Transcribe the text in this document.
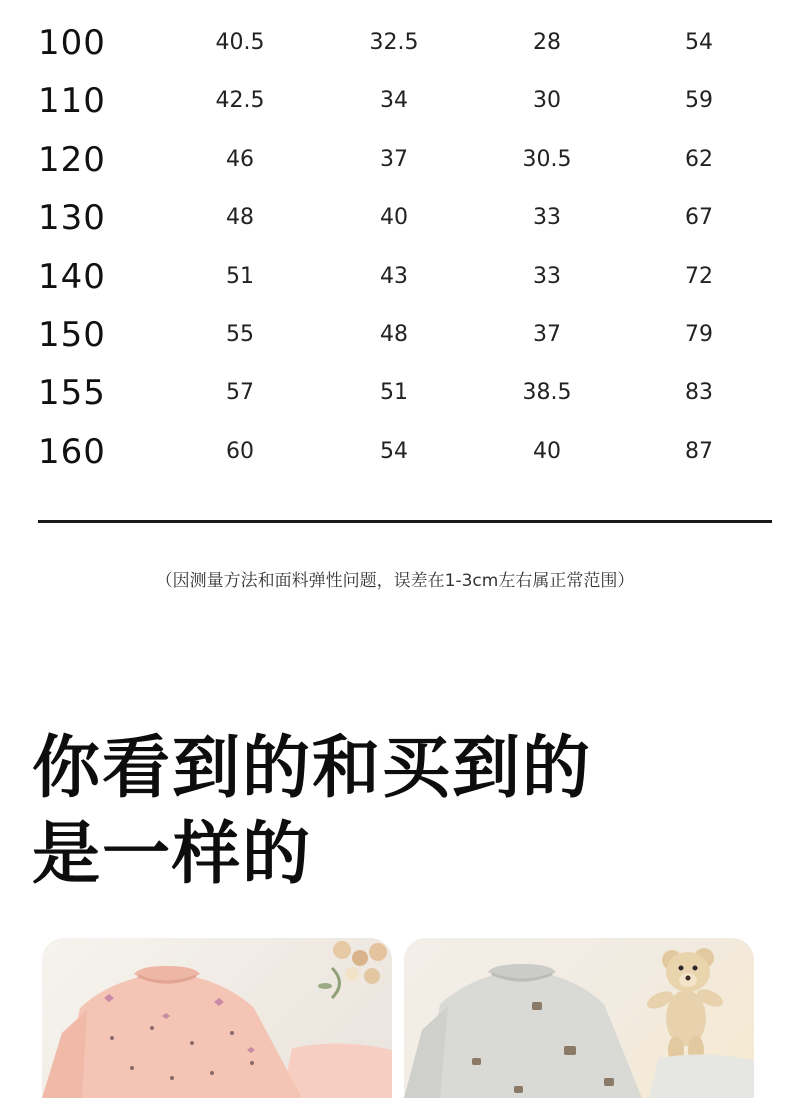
100	40.5	32.5	28	54
110	42.5	34	30	59
120	46	37	30.5	62
130	48	40	33	67
140	51	43	33	72
150	55	48	37	79
155	57	51	38.5	83
160	60	54	40	87
（因测量方法和面料弹性问题，误差在1-3cm左右属正常范围）
你看到的和买到的
是一样的
